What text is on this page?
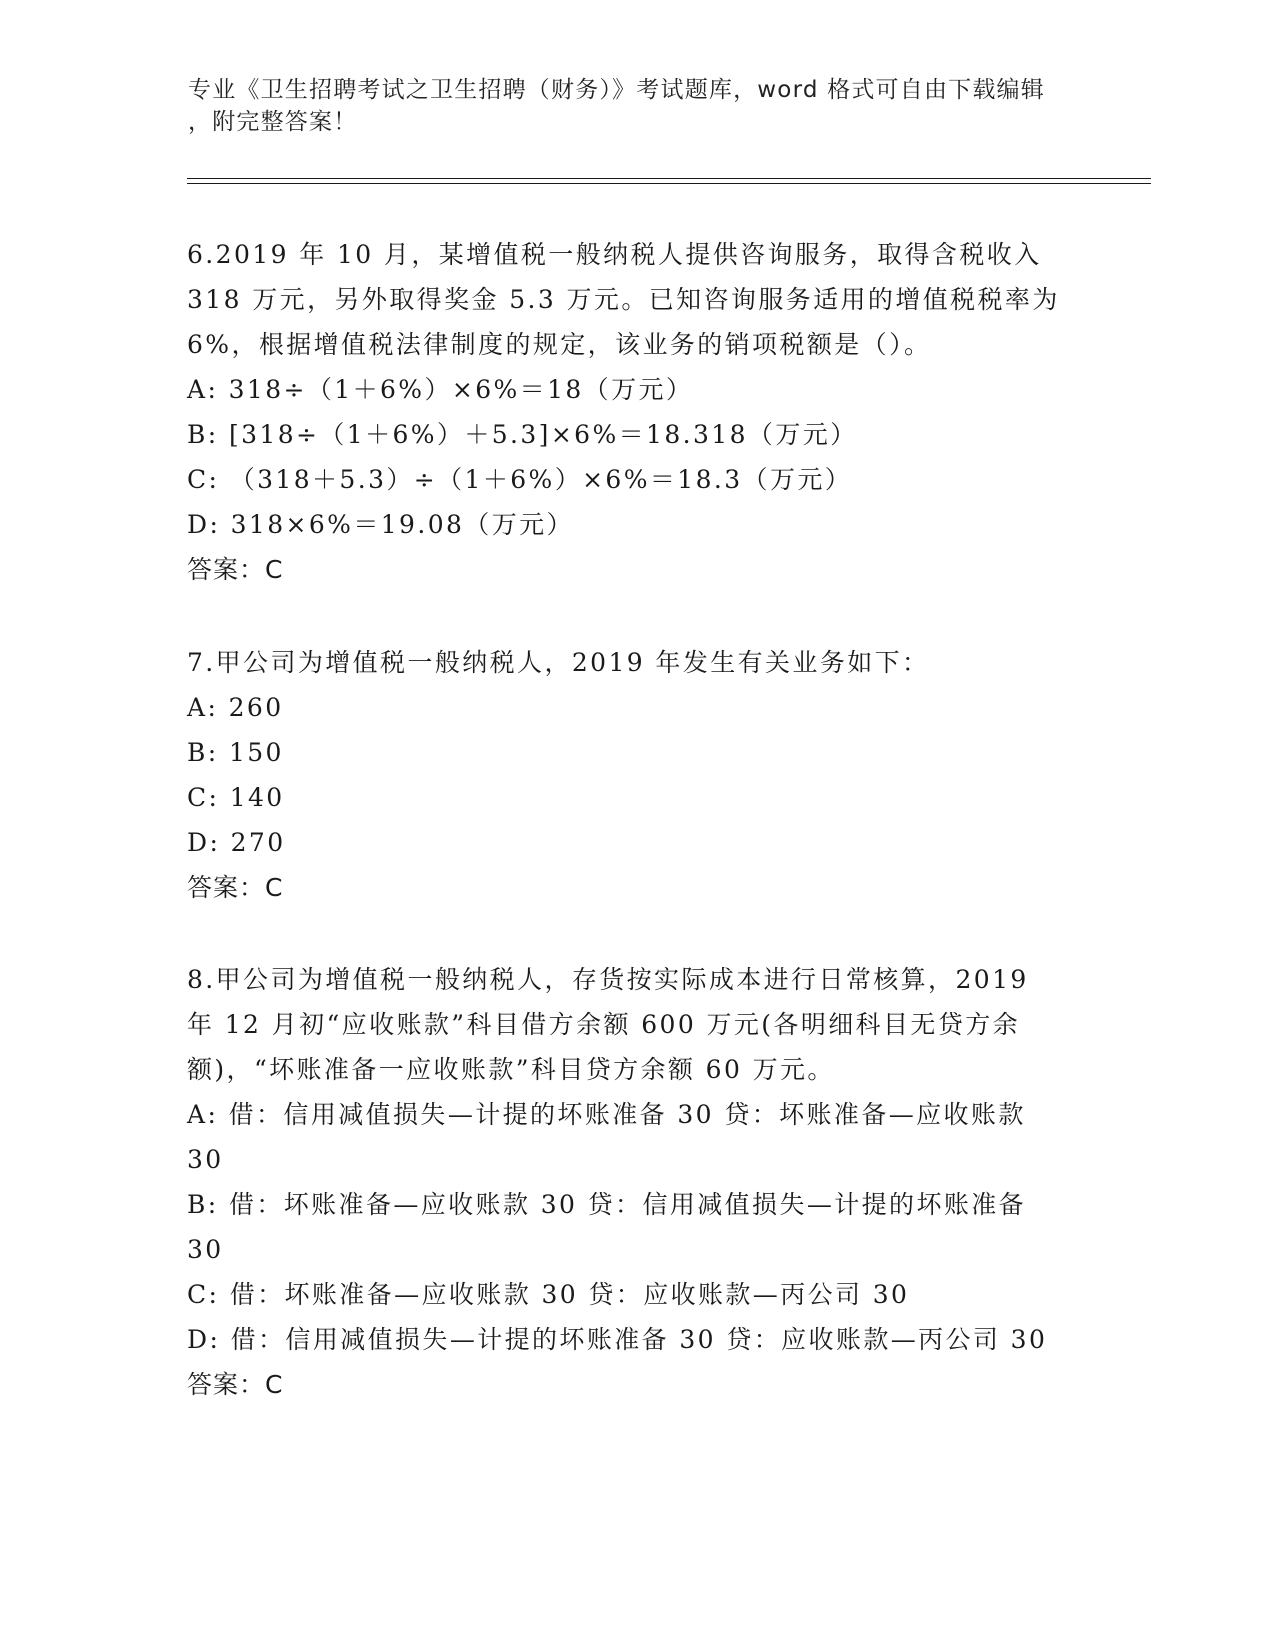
专业《卫生招聘考试之卫生招聘（财务）》考试题库，word 格式可自由下载编辑
，附完整答案！

6.2019 年 10 月，某增值税一般纳税人提供咨询服务，取得含税收入

318 万元，另外取得奖金 5.3 万元。已知咨询服务适用的增值税税率为

6%，根据增值税法律制度的规定，该业务的销项税额是（）。

A: 318÷（1＋6%）×6%＝18（万元）

B: [318÷（1＋6%）＋5.3]×6%＝18.318（万元）

C: （318＋5.3）÷（1＋6%）×6%＝18.3（万元）

D: 318×6%＝19.08（万元）

答案：C

7.甲公司为增值税一般纳税人，2019 年发生有关业务如下：

A: 260

B: 150

C: 140

D: 270

答案：C

8.甲公司为增值税一般纳税人，存货按实际成本进行日常核算，2019

年 12 月初“应收账款”科目借方余额 600 万元(各明细科目无贷方余

额)，“坏账准备一应收账款”科目贷方余额 60 万元。

A: 借：信用减值损失—计提的坏账准备 30 贷：坏账准备—应收账款 30

B: 借：坏账准备—应收账款 30 贷：信用减值损失—计提的坏账准备 30

C: 借：坏账准备—应收账款 30 贷：应收账款—丙公司 30

D: 借：信用减值损失—计提的坏账准备 30 贷：应收账款—丙公司 30

答案：C
